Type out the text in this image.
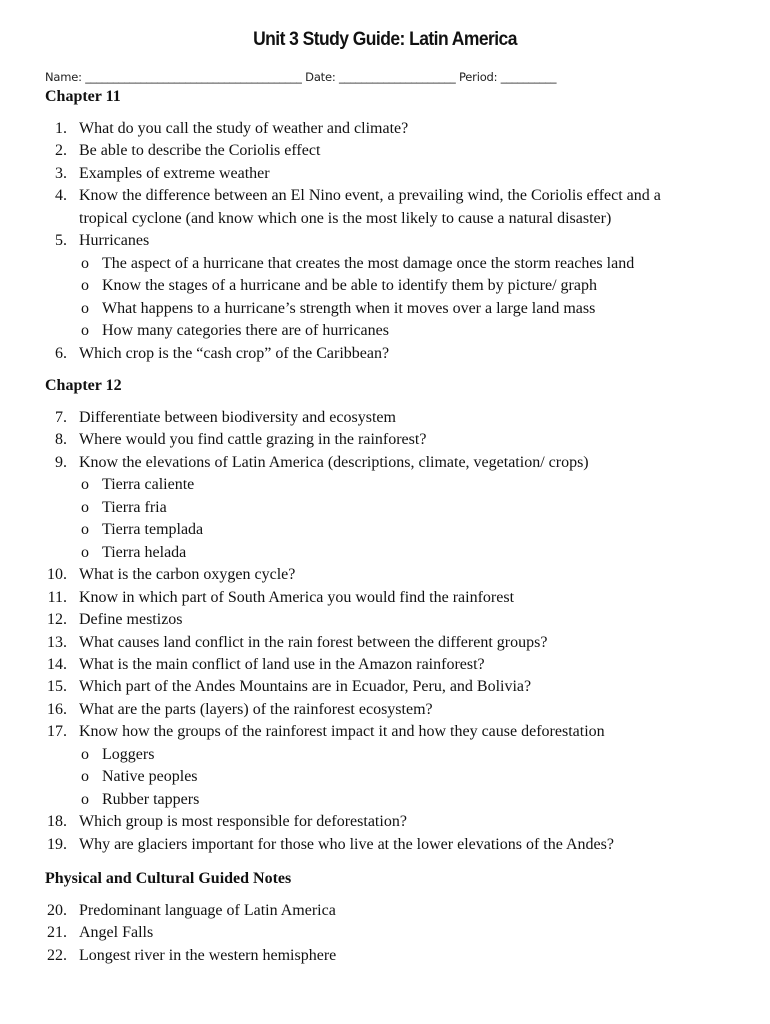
Unit 3 Study Guide: Latin America
Name: _______________________________________ Date: _____________________ Period: __________
Chapter 11
1. What do you call the study of weather and climate?
2. Be able to describe the Coriolis effect
3. Examples of extreme weather
4. Know the difference between an El Nino event, a prevailing wind, the Coriolis effect and a
tropical cyclone (and know which one is the most likely to cause a natural disaster)
5. Hurricanes
o The aspect of a hurricane that creates the most damage once the storm reaches land
o Know the stages of a hurricane and be able to identify them by picture/ graph
o What happens to a hurricane’s strength when it moves over a large land mass
o How many categories there are of hurricanes
6. Which crop is the “cash crop” of the Caribbean?
Chapter 12
7. Differentiate between biodiversity and ecosystem
8. Where would you find cattle grazing in the rainforest?
9. Know the elevations of Latin America (descriptions, climate, vegetation/ crops)
o Tierra caliente
o Tierra fria
o Tierra templada
o Tierra helada
10. What is the carbon oxygen cycle?
11. Know in which part of South America you would find the rainforest
12. Define mestizos
13. What causes land conflict in the rain forest between the different groups?
14. What is the main conflict of land use in the Amazon rainforest?
15. Which part of the Andes Mountains are in Ecuador, Peru, and Bolivia?
16. What are the parts (layers) of the rainforest ecosystem?
17. Know how the groups of the rainforest impact it and how they cause deforestation
o Loggers
o Native peoples
o Rubber tappers
18. Which group is most responsible for deforestation?
19. Why are glaciers important for those who live at the lower elevations of the Andes?
Physical and Cultural Guided Notes
20. Predominant language of Latin America
21. Angel Falls
22. Longest river in the western hemisphere
